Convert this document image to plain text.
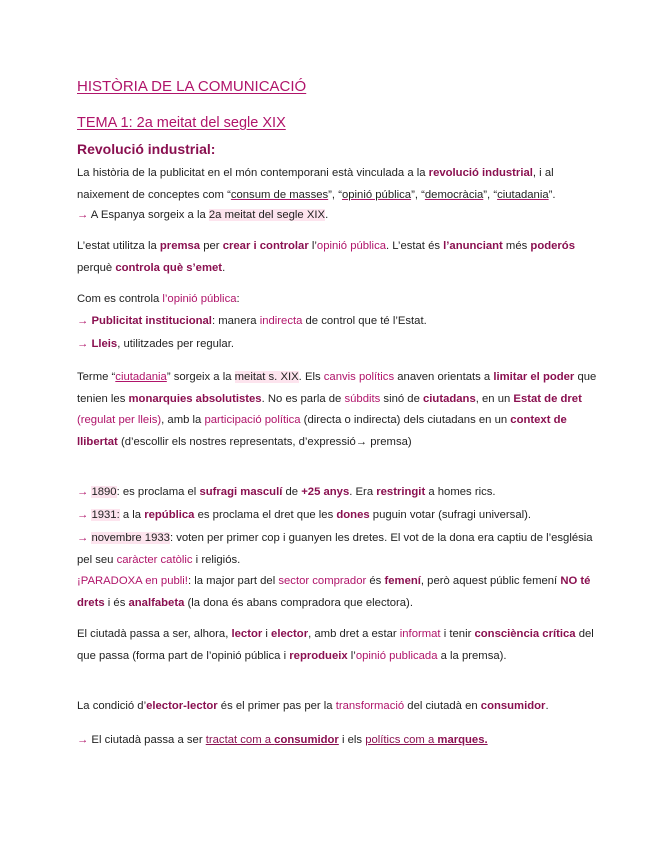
HISTÒRIA DE LA COMUNICACIÓ
TEMA 1: 2a meitat del segle XIX
Revolució industrial:

La història de la publicitat en el món contemporani està vinculada a la revolució industrial, i al naixement de conceptes com “consum de masses”, “opinió pública”, “democràcia”, “ciutadania”.

→ A Espanya sorgeix a la 2a meitat del segle XIX.

L’estat utilitza la premsa per crear i controlar l’opinió pública. L’estat és l’anunciant més poderós perquè controla què s’emet.

Com es controla l’opinió pública:

→ Publicitat institucional: manera indirecta de control que té l’Estat.

→ Lleis, utilitzades per regular.

Terme “ciutadania” sorgeix a la meitat s. XIX. Els canvis polítics anaven orientats a limitar el poder que tenien les monarquies absolutistes. No es parla de súbdits sinó de ciutadans, en un Estat de dret (regulat per lleis), amb la participació política (directa o indirecta) dels ciutadans en un context de llibertat (d’escollir els nostres representats, d’expressió→ premsa)

→ 1890: es proclama el sufragi masculí de +25 anys. Era restringit a homes rics.

→ 1931: a la república es proclama el dret que les dones puguin votar (sufragi universal).

→ novembre 1933: voten per primer cop i guanyen les dretes. El vot de la dona era captiu de l’església pel seu caràcter catòlic i religiós.

¡PARADOXA en publi!: la major part del sector comprador és femení, però aquest públic femení NO té drets i és analfabeta (la dona és abans compradora que electora).

El ciutadà passa a ser, alhora, lector i elector, amb dret a estar informat i tenir consciència crítica del que passa (forma part de l’opinió pública i reprodueix l’opinió publicada a la premsa).

La condició d’elector-lector és el primer pas per la transformació del ciutadà en consumidor.

→ El ciutadà passa a ser tractat com a consumidor i els polítics com a marques.
